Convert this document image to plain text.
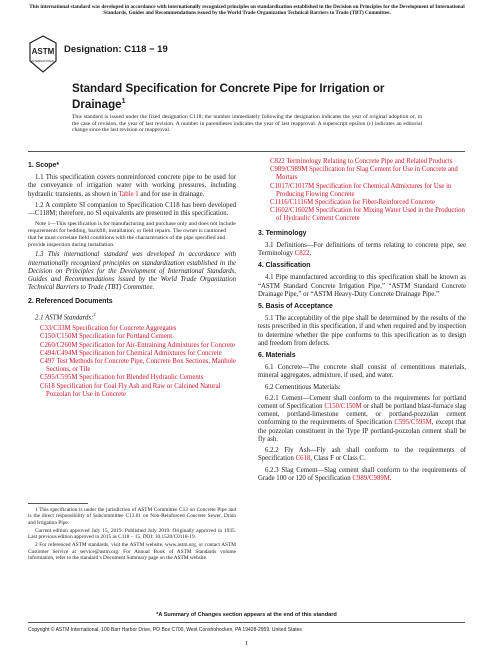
This international standard was developed in accordance with internationally recognized principles on standardization established in the Decision on Principles for the Development of International Standards, Guides and Recommendations issued by the World Trade Organization Technical Barriers to Trade (TBT) Committee.
ASTM
INTERNATIONAL
Designation: C118 − 19
Standard Specification for Concrete Pipe for Irrigation or Drainage$^1$
This standard is issued under the fixed designation C118; the number immediately following the designation indicates the year of original adoption or, in the case of revision, the year of last revision. A number in parentheses indicates the year of last reapproval. A superscript epsilon (ε) indicates an editorial change since the last revision or reapproval.
1. Scope*

1.1 This specification covers nonreinforced concrete pipe to be used for the conveyance of irrigation water with working pressures, including hydraulic transients, as shown in Table 1 and for use in drainage.

1.2 A complete SI companion to Specification C118 has been developed—C118M; therefore, no SI equivalents are presented in this specification.

Note 1—This specification is for manufacturing and purchase only and does not include requirements for bedding, backfill, installation, or field repairs. The owner is cautioned that he must correlate field conditions with the characteristics of the pipe specified and provide inspection during installation.

1.3 This international standard was developed in accordance with internationally recognized principles on standardization established in the Decision on Principles for the Development of International Standards, Guides and Recommendations issued by the World Trade Organization Technical Barriers to Trade (TBT) Committee.

2. Referenced Documents

2.1 ASTM Standards:$^2$

C33/C33M Specification for Concrete Aggregates
C150/C150M Specification for Portland Cement
C260/C260M Specification for Air-Entraining Admixtures for Concrete
C494/C494M Specification for Chemical Admixtures for Concrete
C497 Test Methods for Concrete Pipe, Concrete Box Sections, Manhole Sections, or Tile
C595/C595M Specification for Blended Hydraulic Cements
C618 Specification for Coal Fly Ash and Raw or Calcined Natural Pozzolan for Use in Concrete
C822 Terminology Relating to Concrete Pipe and Related Products
C989/C989M Specification for Slag Cement for Use in Concrete and Mortars
C1017/C1017M Specification for Chemical Admixtures for Use in Producing Flowing Concrete
C1116/C1116M Specification for Fiber-Reinforced Concrete
C1602/C1602M Specification for Mixing Water Used in the Production of Hydraulic Cement Concrete
3. Terminology

3.1 Definitions—For definitions of terms relating to concrete pipe, see Terminology C822.

4. Classification

4.1 Pipe manufactured according to this specification shall be known as “ASTM Standard Concrete Irrigation Pipe,” “ASTM Standard Concrete Drainage Pipe,” or “ASTM Heavy-Duty Concrete Drainage Pipe.”

5. Basis of Acceptance

5.1 The acceptability of the pipe shall be determined by the results of the tests prescribed in this specification, if and when required and by inspection to determine whether the pipe conforms to this specification as to design and freedom from defects.

6. Materials

6.1 Concrete—The concrete shall consist of cementitious materials, mineral aggregates, admixture, if used, and water.

6.2 Cementitious Materials:

6.2.1 Cement—Cement shall conform to the requirements for portland cement of Specification C150/C150M or shall be portland blast-furnace slag cement, portland-limestone cement, or portland-pozzolan cement conforming to the requirements of Specification C595/C595M, except that the pozzolan constituent in the Type IP portland-pozzolan cement shall be fly ash.

6.2.2 Fly Ash—Fly ash shall conform to the requirements of Specification C618, Class F or Class C.

6.2.3 Slag Cement—Slag cement shall conform to the requirements of Grade 100 or 120 of Specification C989/C989M.

1 This specification is under the jurisdiction of ASTM Committee C13 on Concrete Pipe and is the direct responsibility of Subcommittee C13.01 on Non-Reinforced Concrete Sewer, Drain and Irrigation Pipe.

Current edition approved July 15, 2019. Published July 2019. Originally approved in 1935. Last previous edition approved in 2015 as C118 – 15. DOI: 10.1520/C0118-19.

2 For referenced ASTM standards, visit the ASTM website, www.astm.org, or contact ASTM Customer Service at service@astm.org. For Annual Book of ASTM Standards volume information, refer to the standard’s Document Summary page on the ASTM website.

*A Summary of Changes section appears at the end of this standard
Copyright © ASTM International, 100 Barr Harbor Drive, PO Box C700, West Conshohocken, PA 19428-2959. United States
1
